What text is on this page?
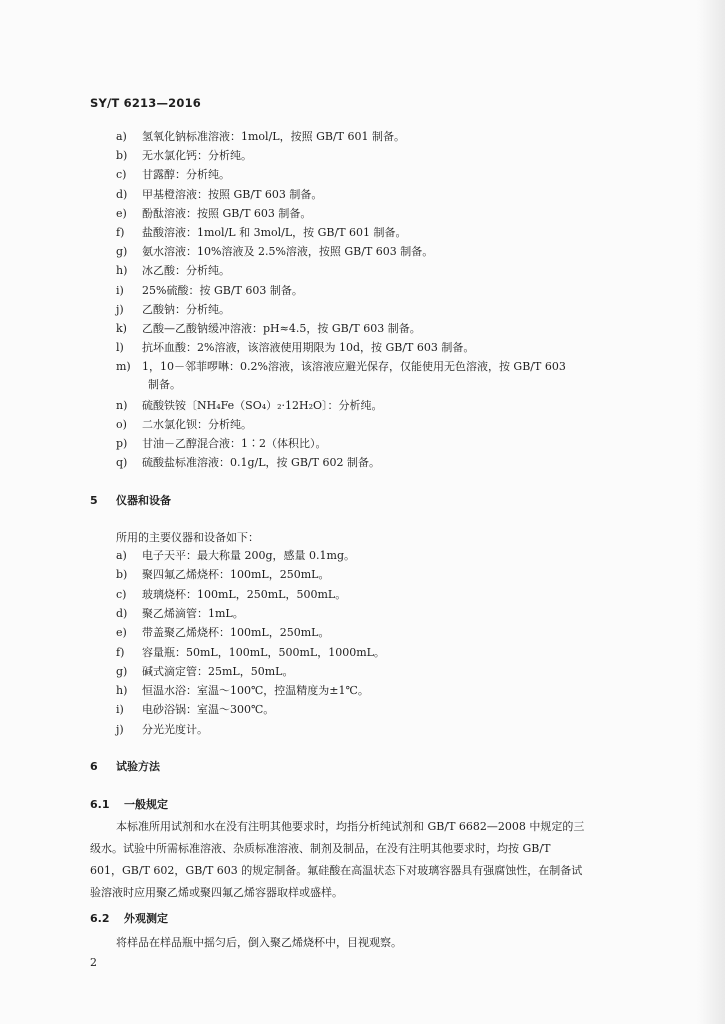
SY/T 6213—2016
a) 氢氧化钠标准溶液：1mol/L，按照 GB/T 601 制备。
b) 无水氯化钙：分析纯。
c) 甘露醇：分析纯。
d) 甲基橙溶液：按照 GB/T 603 制备。
e) 酚酞溶液：按照 GB/T 603 制备。
f) 盐酸溶液：1mol/L 和 3mol/L，按 GB/T 601 制备。
g) 氨水溶液：10%溶液及 2.5%溶液，按照 GB/T 603 制备。
h) 冰乙酸：分析纯。
i) 25%硫酸：按 GB/T 603 制备。
j) 乙酸钠：分析纯。
k) 乙酸—乙酸钠缓冲溶液：pH≈4.5，按 GB/T 603 制备。
l) 抗坏血酸：2%溶液，该溶液使用期限为 10d，按 GB/T 603 制备。
m) 1，10－邻菲啰啉：0.2%溶液，该溶液应避光保存，仅能使用无色溶液，按 GB/T 603
制备。
n) 硫酸铁铵〔NH₄Fe（SO₄）₂·12H₂O〕：分析纯。
o) 二水氯化钡：分析纯。
p) 甘油－乙醇混合液：1∶2（体积比）。
q) 硫酸盐标准溶液：0.1g/L，按 GB/T 602 制备。
5 仪器和设备
所用的主要仪器和设备如下：
a) 电子天平：最大称量 200g，感量 0.1mg。
b) 聚四氟乙烯烧杯：100mL，250mL。
c) 玻璃烧杯：100mL，250mL，500mL。
d) 聚乙烯滴管：1mL。
e) 带盖聚乙烯烧杯：100mL，250mL。
f) 容量瓶：50mL，100mL，500mL，1000mL。
g) 碱式滴定管：25mL，50mL。
h) 恒温水浴：室温～100℃，控温精度为±1℃。
i) 电砂浴锅：室温～300℃。
j) 分光光度计。
6 试验方法
6.1 一般规定
本标准所用试剂和水在没有注明其他要求时，均指分析纯试剂和 GB/T 6682—2008 中规定的三
级水。试验中所需标准溶液、杂质标准溶液、制剂及制品，在没有注明其他要求时，均按 GB/T
601，GB/T 602，GB/T 603 的规定制备。氟硅酸在高温状态下对玻璃容器具有强腐蚀性，在制备试
验溶液时应用聚乙烯或聚四氟乙烯容器取样或盛样。
6.2 外观测定
将样品在样品瓶中摇匀后，倒入聚乙烯烧杯中，目视观察。
2
